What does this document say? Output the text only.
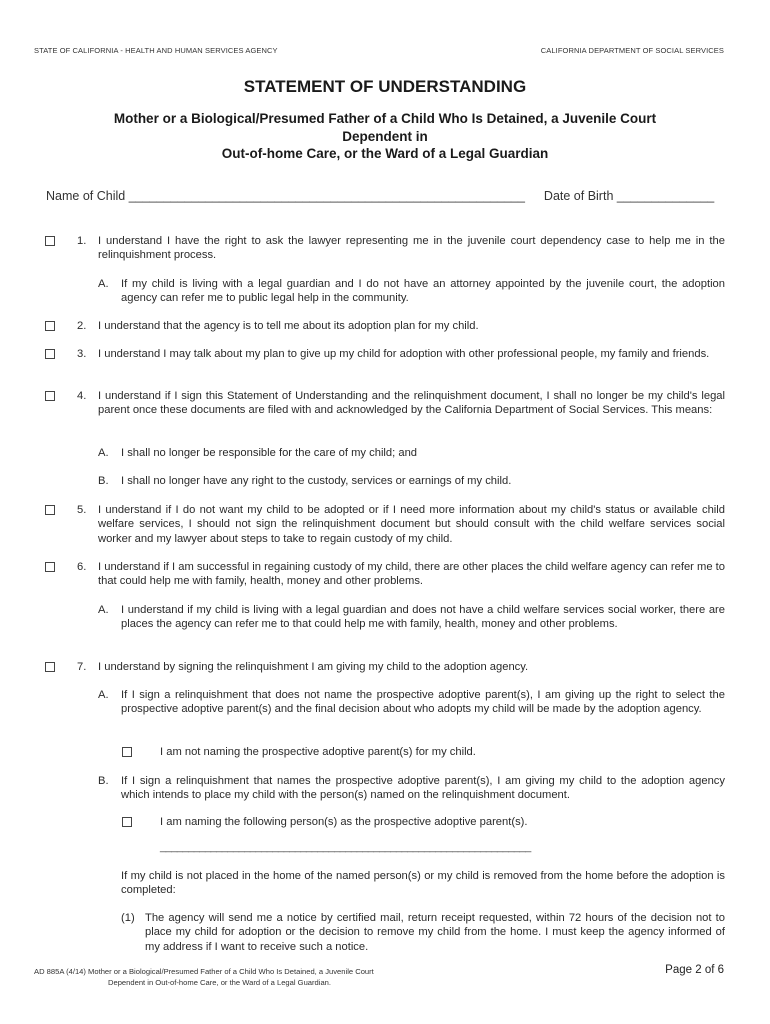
STATE OF CALIFORNIA - HEALTH AND HUMAN SERVICES AGENCY	CALIFORNIA DEPARTMENT OF SOCIAL SERVICES
STATEMENT OF UNDERSTANDING
Mother or a Biological/Presumed Father of a Child Who Is Detained, a Juvenile Court
Dependent in
Out-of-home Care, or the Ward of a Legal Guardian
Name of Child _________________________________________________________ Date of Birth ______________
1. I understand I have the right to ask the lawyer representing me in the juvenile court dependency case to help me in the relinquishment process.
A. If my child is living with a legal guardian and I do not have an attorney appointed by the juvenile court, the adoption agency can refer me to public legal help in the community.
2. I understand that the agency is to tell me about its adoption plan for my child.
3. I understand I may talk about my plan to give up my child for adoption with other professional people, my family and friends.
4. I understand if I sign this Statement of Understanding and the relinquishment document, I shall no longer be my child's legal parent once these documents are filed with and acknowledged by the California Department of Social Services. This means:
A. I shall no longer be responsible for the care of my child; and
B. I shall no longer have any right to the custody, services or earnings of my child.
5. I understand if I do not want my child to be adopted or if I need more information about my child's status or available child welfare services, I should not sign the relinquishment document but should consult with the child welfare services social worker and my lawyer about steps to take to regain custody of my child.
6. I understand if I am successful in regaining custody of my child, there are other places the child welfare agency can refer me to that could help me with family, health, money and other problems.
A. I understand if my child is living with a legal guardian and does not have a child welfare services social worker, there are places the agency can refer me to that could help me with family, health, money and other problems.
7. I understand by signing the relinquishment I am giving my child to the adoption agency.
A. If I sign a relinquishment that does not name the prospective adoptive parent(s), I am giving up the right to select the prospective adoptive parent(s) and the final decision about who adopts my child will be made by the adoption agency.
I am not naming the prospective adoptive parent(s) for my child.
B. If I sign a relinquishment that names the prospective adoptive parent(s), I am giving my child to the adoption agency which intends to place my child with the person(s) named on the relinquishment document.
I am naming the following person(s) as the prospective adoptive parent(s).
__________________________________________________________________
If my child is not placed in the home of the named person(s) or my child is removed from the home before the adoption is completed:
(1) The agency will send me a notice by certified mail, return receipt requested, within 72 hours of the decision not to place my child for adoption or the decision to remove my child from the home. I must keep the agency informed of my address if I want to receive such a notice.
AD 885A (4/14) Mother or a Biological/Presumed Father of a Child Who Is Detained, a Juvenile Court
Dependent in Out-of-home Care, or the Ward of a Legal Guardian.
Page 2 of 6
